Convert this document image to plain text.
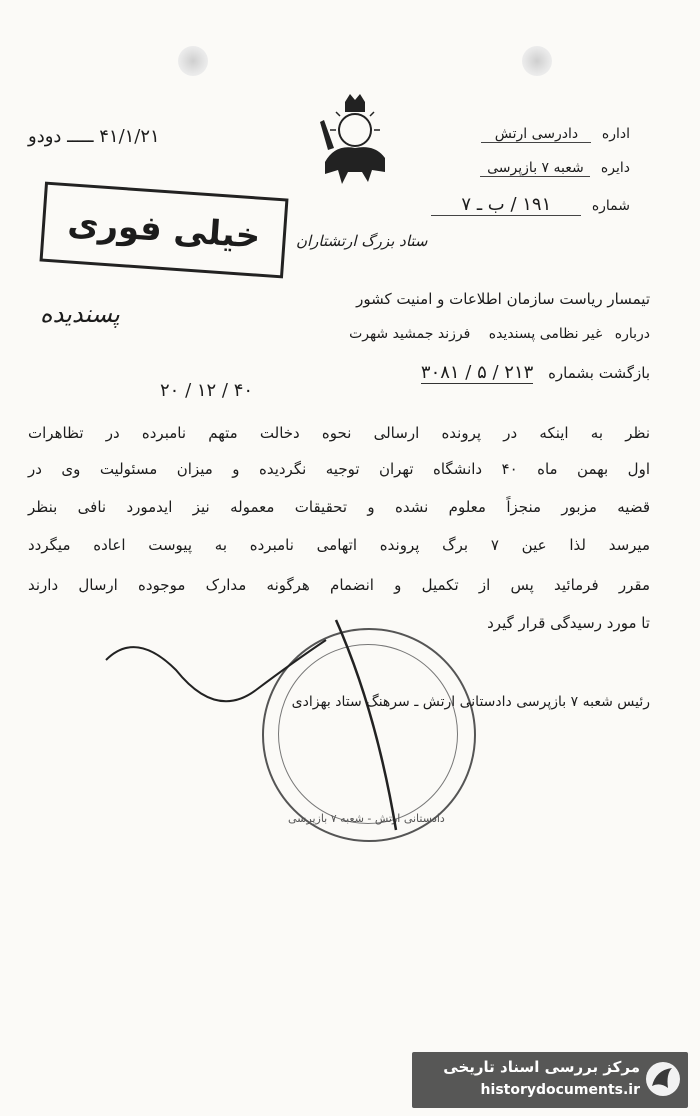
۴۱/۱/۲۱ ـــــ دودو	اداره دادرسی ارتش
دایره شعبه ۷ بازپرسی
شماره ۱۹۱ / ب ـ ۷
ستاد بزرگ ارتشتاران
خیلی فوری
تیمسار ریاست سازمان اطلاعات و امنیت کشور
درباره غیر نظامی پسندیده فرزند جمشید شهرت
پسندیده
بازگشت بشماره ۲۱۳ / ۵ / ۳۰۸۱
۴۰ / ۱۲ / ۲۰
نظر به اینکه در پرونده ارسالی نحوه دخالت متهم نامبرده در تظاهرات
اول بهمن ماه ۴۰ دانشگاه تهران توجیه نگردیده و میزان مسئولیت وی در
قضیه مزبور منجزاً معلوم نشده و تحقیقات معموله نیز ایدمورد نافی بنظر
میرسد لذا عین ۷ برگ پرونده اتهامی نامبرده به پیوست اعاده میگردد
مقرر فرمائید پس از تکمیل و انضمام هرگونه مدارک موجوده ارسال دارند
تا مورد رسیدگی قرار گیرد
دادستانی ارتش - شعبه ۷ بازپرسی
رئیس شعبه ۷ بازپرسی دادستانی ارتش ـ سرهنگ ستاد بهزادی
مرکز بررسی اسناد تاریخی
historydocuments.ir
